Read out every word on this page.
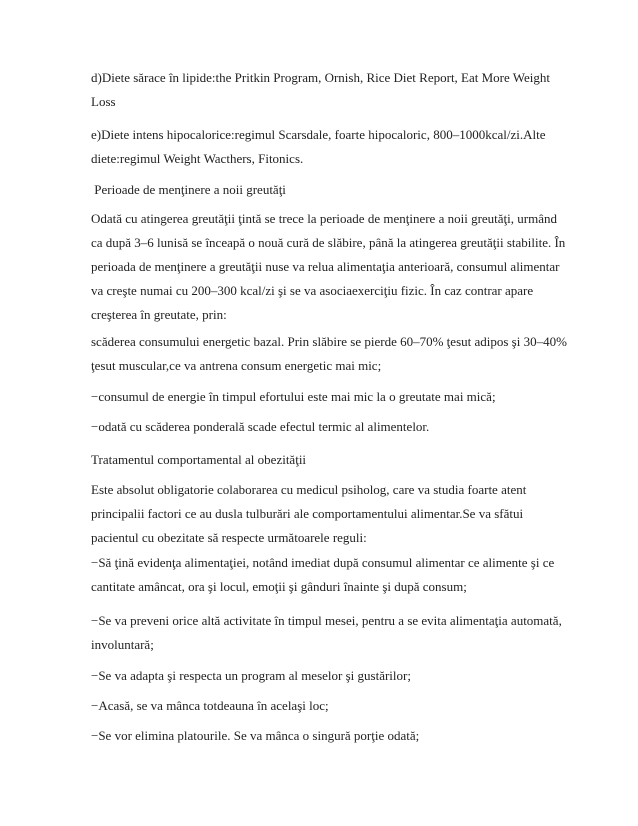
d)Diete sărace în lipide:the Pritkin Program, Ornish, Rice Diet Report, Eat More Weight
Loss

e)Diete intens hipocalorice:regimul Scarsdale, foarte hipocaloric, 800–1000kcal/zi.Alte
diete:regimul Weight Wacthers, Fitonics.

Perioade de menţinere a noii greutăţi

Odată cu atingerea greutăţii ţintă se trece la perioade de menţinere a noii greutăţi, urmând
ca după 3–6 lunisă se înceapă o nouă cură de slăbire, până la atingerea greutăţii stabilite. În
perioada de menţinere a greutăţii nuse va relua alimentaţia anterioară, consumul alimentar
va creşte numai cu 200–300 kcal/zi şi se va asociaexerciţiu fizic. În caz contrar apare
creşterea în greutate, prin:

scăderea consumului energetic bazal. Prin slăbire se pierde 60–70% ţesut adipos şi 30–40%
ţesut muscular,ce va antrena consum energetic mai mic;

−consumul de energie în timpul efortului este mai mic la o greutate mai mică;

−odată cu scăderea ponderală scade efectul termic al alimentelor.

Tratamentul comportamental al obezităţii

Este absolut obligatorie colaborarea cu medicul psiholog, care va studia foarte atent
principalii factori ce au dusla tulburări ale comportamentului alimentar.Se va sfătui
pacientul cu obezitate să respecte următoarele reguli:

−Să ţină evidenţa alimentaţiei, notând imediat după consumul alimentar ce alimente şi ce
cantitate amâncat, ora şi locul, emoţii şi gânduri înainte şi după consum;

−Se va preveni orice altă activitate în timpul mesei, pentru a se evita alimentaţia automată,
involuntară;

−Se va adapta şi respecta un program al meselor şi gustărilor;

−Acasă, se va mânca totdeauna în acelaşi loc;

−Se vor elimina platourile. Se va mânca o singură porţie odată;
